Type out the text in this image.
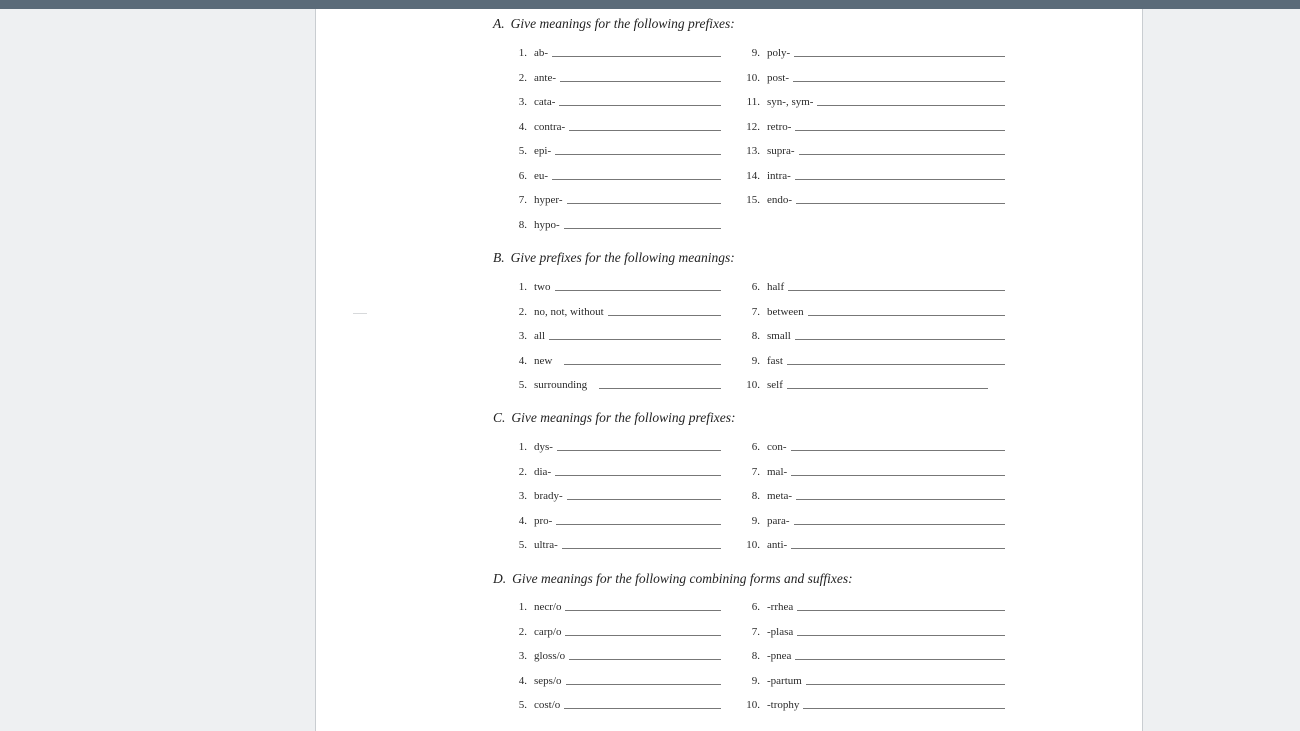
A. Give meanings for the following prefixes:
1. ab-
2. ante-
3. cata-
4. contra-
5. epi-
6. eu-
7. hyper-
8. hypo-
9. poly-
10. post-
11. syn-, sym-
12. retro-
13. supra-
14. intra-
15. endo-
B. Give prefixes for the following meanings:
1. two
2. no, not, without
3. all
4. new
5. surrounding
6. half
7. between
8. small
9. fast
10. self
C. Give meanings for the following prefixes:
1. dys-
2. dia-
3. brady-
4. pro-
5. ultra-
6. con-
7. mal-
8. meta-
9. para-
10. anti-
D. Give meanings for the following combining forms and suffixes:
1. necr/o
2. carp/o
3. gloss/o
4. seps/o
5. cost/o
6. -rrhea
7. -plasa
8. -pnea
9. -partum
10. -trophy
